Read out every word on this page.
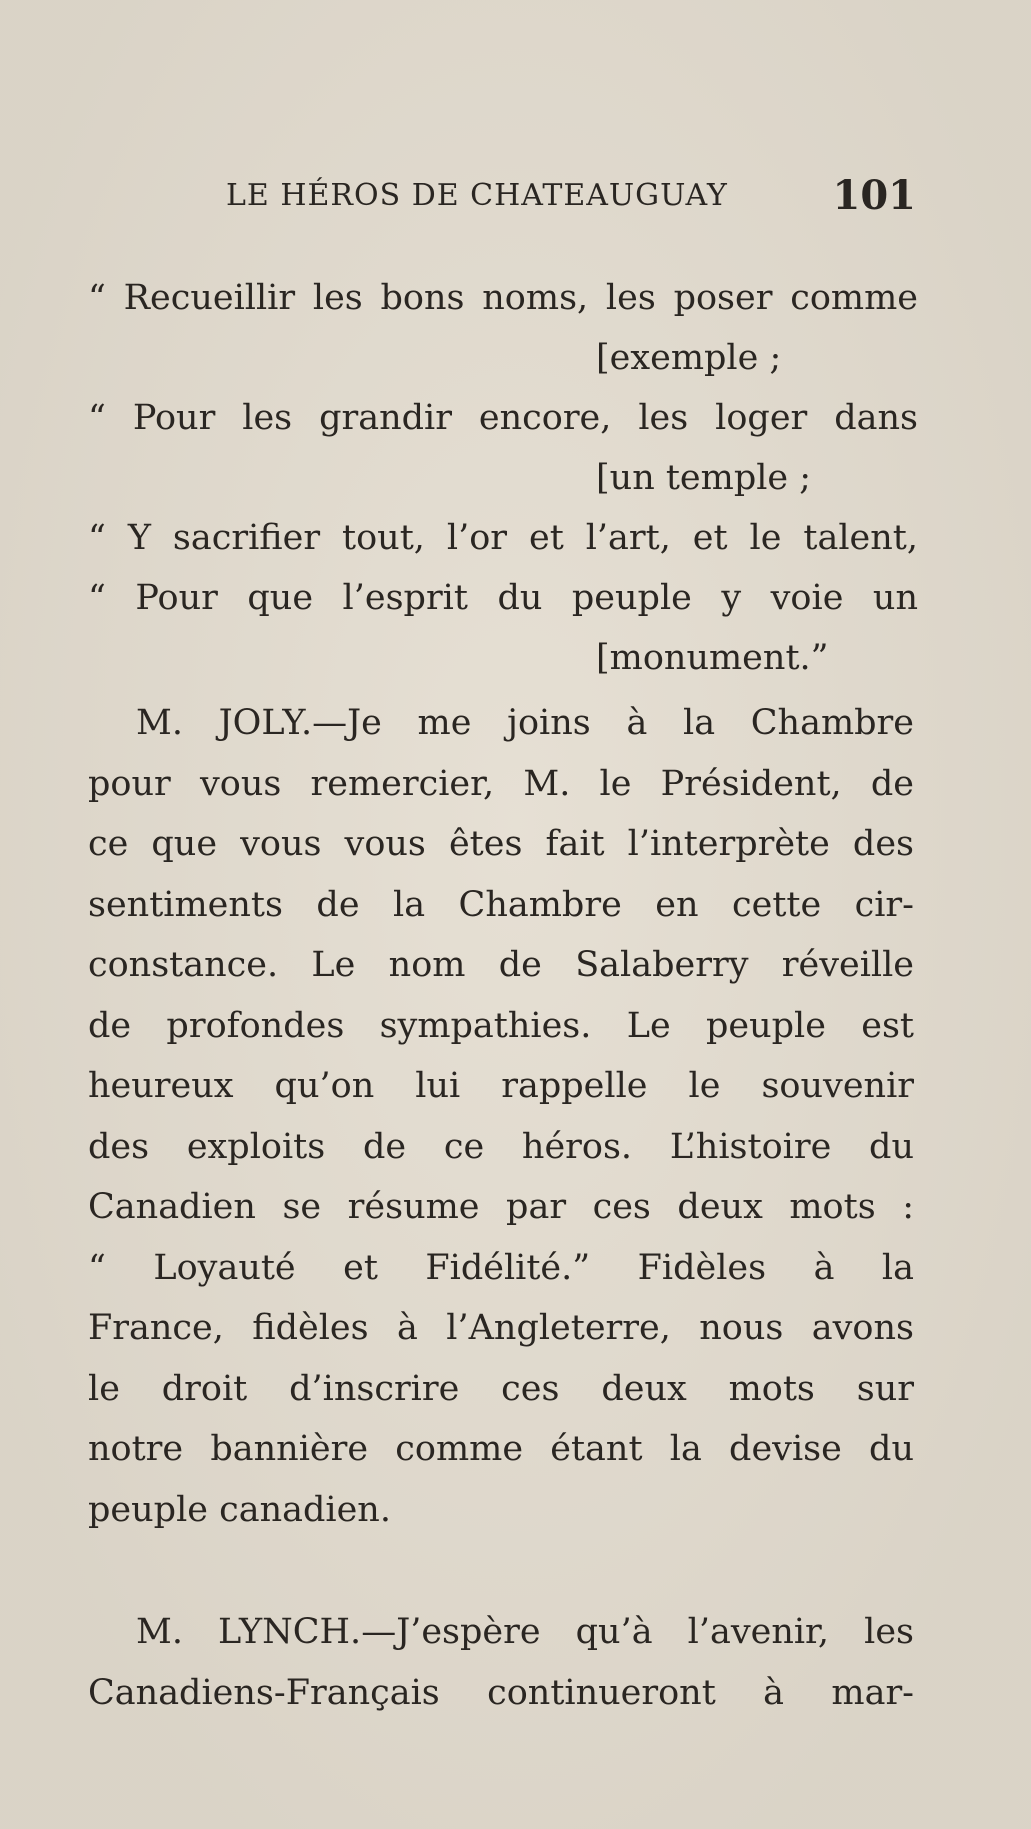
LE HÉROS DE CHATEAUGUAY	101
“ Recueillir les bons noms, les poser comme
[exemple ;
“ Pour les grandir encore, les loger dans
[un temple ;
“ Y sacrifier tout, l’or et l’art, et le talent,
“ Pour que l’esprit du peuple y voie un
[monument.”
M. JOLY.—Je me joins à la Chambre
pour vous remercier, M. le Président, de
ce que vous vous êtes fait l’interprète des
sentiments de la Chambre en cette cir-
constance. Le nom de Salaberry réveille
de profondes sympathies. Le peuple est
heureux qu’on lui rappelle le souvenir
des exploits de ce héros. L’histoire du
Canadien se résume par ces deux mots :
“ Loyauté et Fidélité.” Fidèles à la
France, fidèles à l’Angleterre, nous avons
le droit d’inscrire ces deux mots sur
notre bannière comme étant la devise du
peuple canadien.
M. LYNCH.—J’espère qu’à l’avenir, les
Canadiens-Français continueront à mar-
